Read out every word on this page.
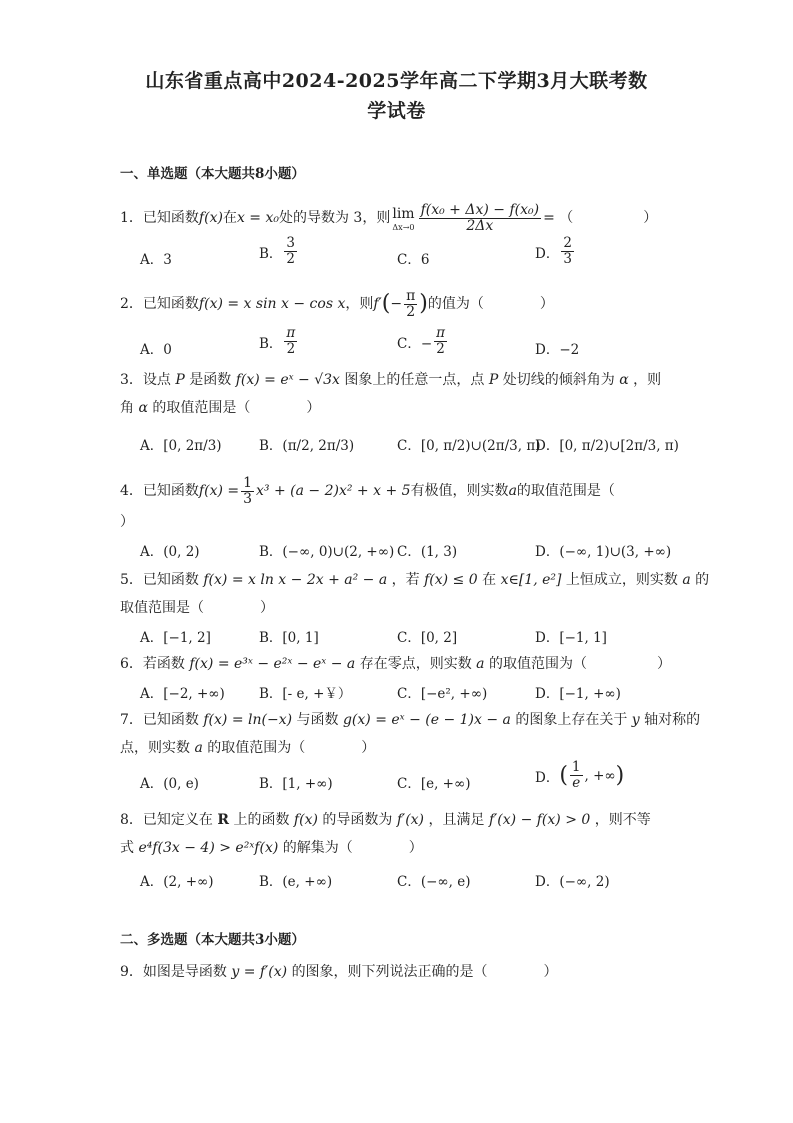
山东省重点高中2024-2025学年高二下学期3月大联考数
学试卷
一、单选题（本大题共8小题）
1．已知函数 f(x) 在 x = x₀ 处的导数为 3，则 lim
$\Delta x\to 0 \frac{\text{f(x₀ + Δx) − f(x₀)}}{2\Delta x}$ = （　　　　　）
A．3	B． $\frac{3}{2}$	C．6	D． $\frac{2}{3}$
2．已知函数 f(x) = x sin x − cos x ，则 f′ ( − $\frac{\pi}{2}$ ) 的值为（　　　　）
A．0	B． $\frac{\pi}{2}$	C．− $\frac{\pi}{2}$	D．−2
3．设点 P 是函数 f(x) = eˣ − √3x 图象上的任意一点，点 P 处切线的倾斜角为 α ，则
角 α 的取值范围是（　　　　）
A．[0, 2π/3)	B．(π/2, 2π/3)	C．[0, π/2)∪(2π/3, π)
D．[0, π/2)∪[2π/3, π)
4．已知函数 $f(x) = \frac{1}{3} x^3 + (a - 2)x^2 + x + 5$ 有极值，则实数 a 的取值范围是（
）
A．(0, 2)	B．(−∞, 0)∪(2, +∞) C．(1, 3)	D．(−∞, 1)∪(3, +∞)
5．已知函数 f(x) = x ln x − 2x + a² − a ，若 f(x) ≤ 0 在 x∈[1, e²] 上恒成立，则实数 a 的
取值范围是（　　　　）
A．[−1, 2]	B．[0, 1]	C．[0, 2]	D．[−1, 1]
6．若函数 f(x) = e³ˣ − e²ˣ − eˣ − a 存在零点，则实数 a 的取值范围为（　　　　　）
A．[−2, +∞)	B．[- e, +￥）	C．[−e², +∞)	D．[−1, +∞)
7．已知函数 f(x) = ln(−x) 与函数 g(x) = eˣ − (e − 1)x − a 的图象上存在关于 y 轴对称的
点，则实数 a 的取值范围为（　　　　）
A．(0, e)	B．[1, +∞)	C．[e, +∞)	D． ( $\frac{1}{e}$ , +∞ )
8．已知定义在 R 上的函数 f(x) 的导函数为 f′(x) ，且满足 f′(x) − f(x) > 0 ，则不等
式 e⁴f(3x − 4) > e²ˣf(x) 的解集为（　　　　）
A．(2, +∞)	B．(e, +∞)	C．(−∞, e)	D．(−∞, 2)
二、多选题（本大题共3小题）
9．如图是导函数 y = f′(x) 的图象，则下列说法正确的是（　　　　）
